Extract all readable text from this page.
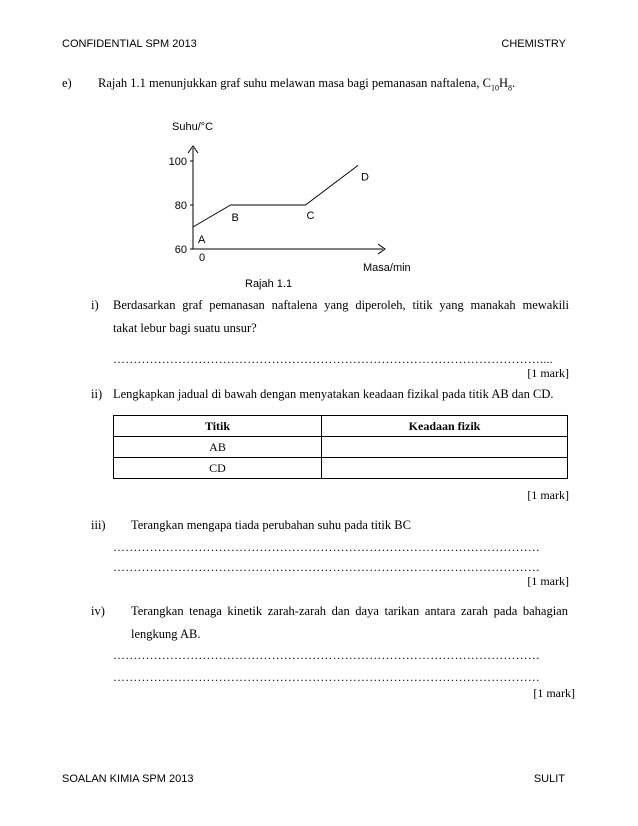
CONFIDENTIAL SPM 2013	CHEMISTRY
e) Rajah 1.1 menunjukkan graf suhu melawan masa bagi pemanasan naftalena, $C_{10}H_8$.
Suhu/°C
Masa/min
0
Rajah 1.1
100
80
60
A
B	C
D
i) Berdasarkan graf pemanasan naftalena yang diperoleh, titik yang manakah mewakili
takat lebur bagi suatu unsur?
……………………………………………………………………………………………....
[1 mark]
ii) Lengkapkan jadual di bawah dengan menyatakan keadaan fizikal pada titik AB dan CD.
Titik	Keadaan fizik
AB	
CD	
[1 mark]
iii) Terangkan mengapa tiada perubahan suhu pada titik BC
……………………………………………………………………………………………
……………………………………………………………………………………………
[1 mark]
iv) Terangkan tenaga kinetik zarah-zarah dan daya tarikan antara zarah pada bahagian
lengkung AB.
……………………………………………………………………………………………
……………………………………………………………………………………………
[1 mark]
SOALAN KIMIA SPM 2013	SULIT
